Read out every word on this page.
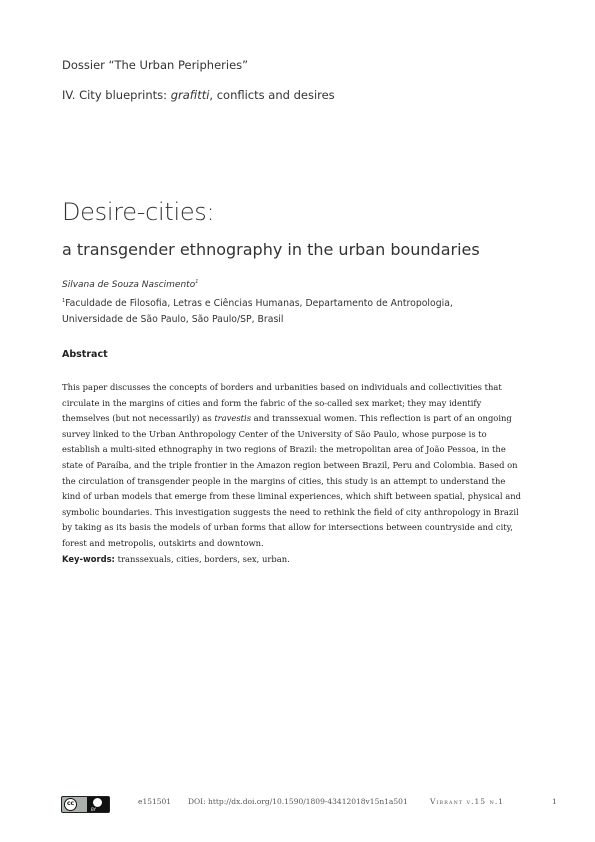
Dossier “The Urban Peripheries”
IV. City blueprints: grafitti, conflicts and desires
Desire-cities:
a transgender ethnography in the urban boundaries
Silvana de Souza Nascimento$^1$
$^1$Faculdade de Filosofia, Letras e Ciências Humanas, Departamento de Antropologia,
Universidade de São Paulo, São Paulo/SP, Brasil
Abstract

This paper discusses the concepts of borders and urbanities based on individuals and collectivities that circulate in the margins of cities and form the fabric of the so-called sex market; they may identify themselves (but not necessarily) as travestis and transsexual women. This reflection is part of an ongoing survey linked to the Urban Anthropology Center of the University of São Paulo, whose purpose is to establish a multi-sited ethnography in two regions of Brazil: the metropolitan area of João Pessoa, in the state of Paraíba, and the triple frontier in the Amazon region between Brazil, Peru and Colombia. Based on the circulation of transgender people in the margins of cities, this study is an attempt to understand the kind of urban models that emerge from these liminal experiences, which shift between spatial, physical and symbolic boundaries. This investigation suggests the need to rethink the field of city anthropology in Brazil by taking as its basis the models of urban forms that allow for intersections between countryside and city, forest and metropolis, outskirts and downtown.

Key-words: transsexuals, cities, borders, sex, urban.

cc
BY
e151501 DOI: http://dx.doi.org/10.1590/1809-43412018v15n1a501	Vibrant v.15 n.1	1
